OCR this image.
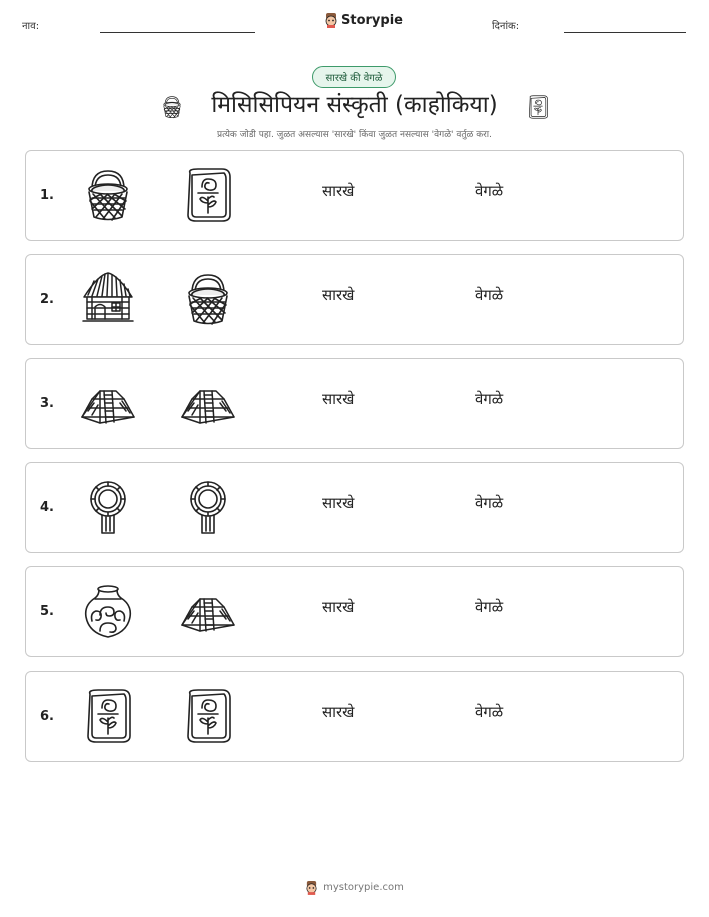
नाव:	Storypie	दिनांक:
सारखे की वेगळे
मिसिसिपियन संस्कृती (काहोकिया)
प्रत्येक जोडी पहा. जुळत असल्यास 'सारखे' किंवा जुळत नसल्यास 'वेगळे' वर्तुळ करा.
1.	सारखे	वेगळे
2.	सारखे	वेगळे
3.	सारखे	वेगळे
4.	सारखे	वेगळे
5.	सारखे	वेगळे
6.	सारखे	वेगळे
mystorypie.com
